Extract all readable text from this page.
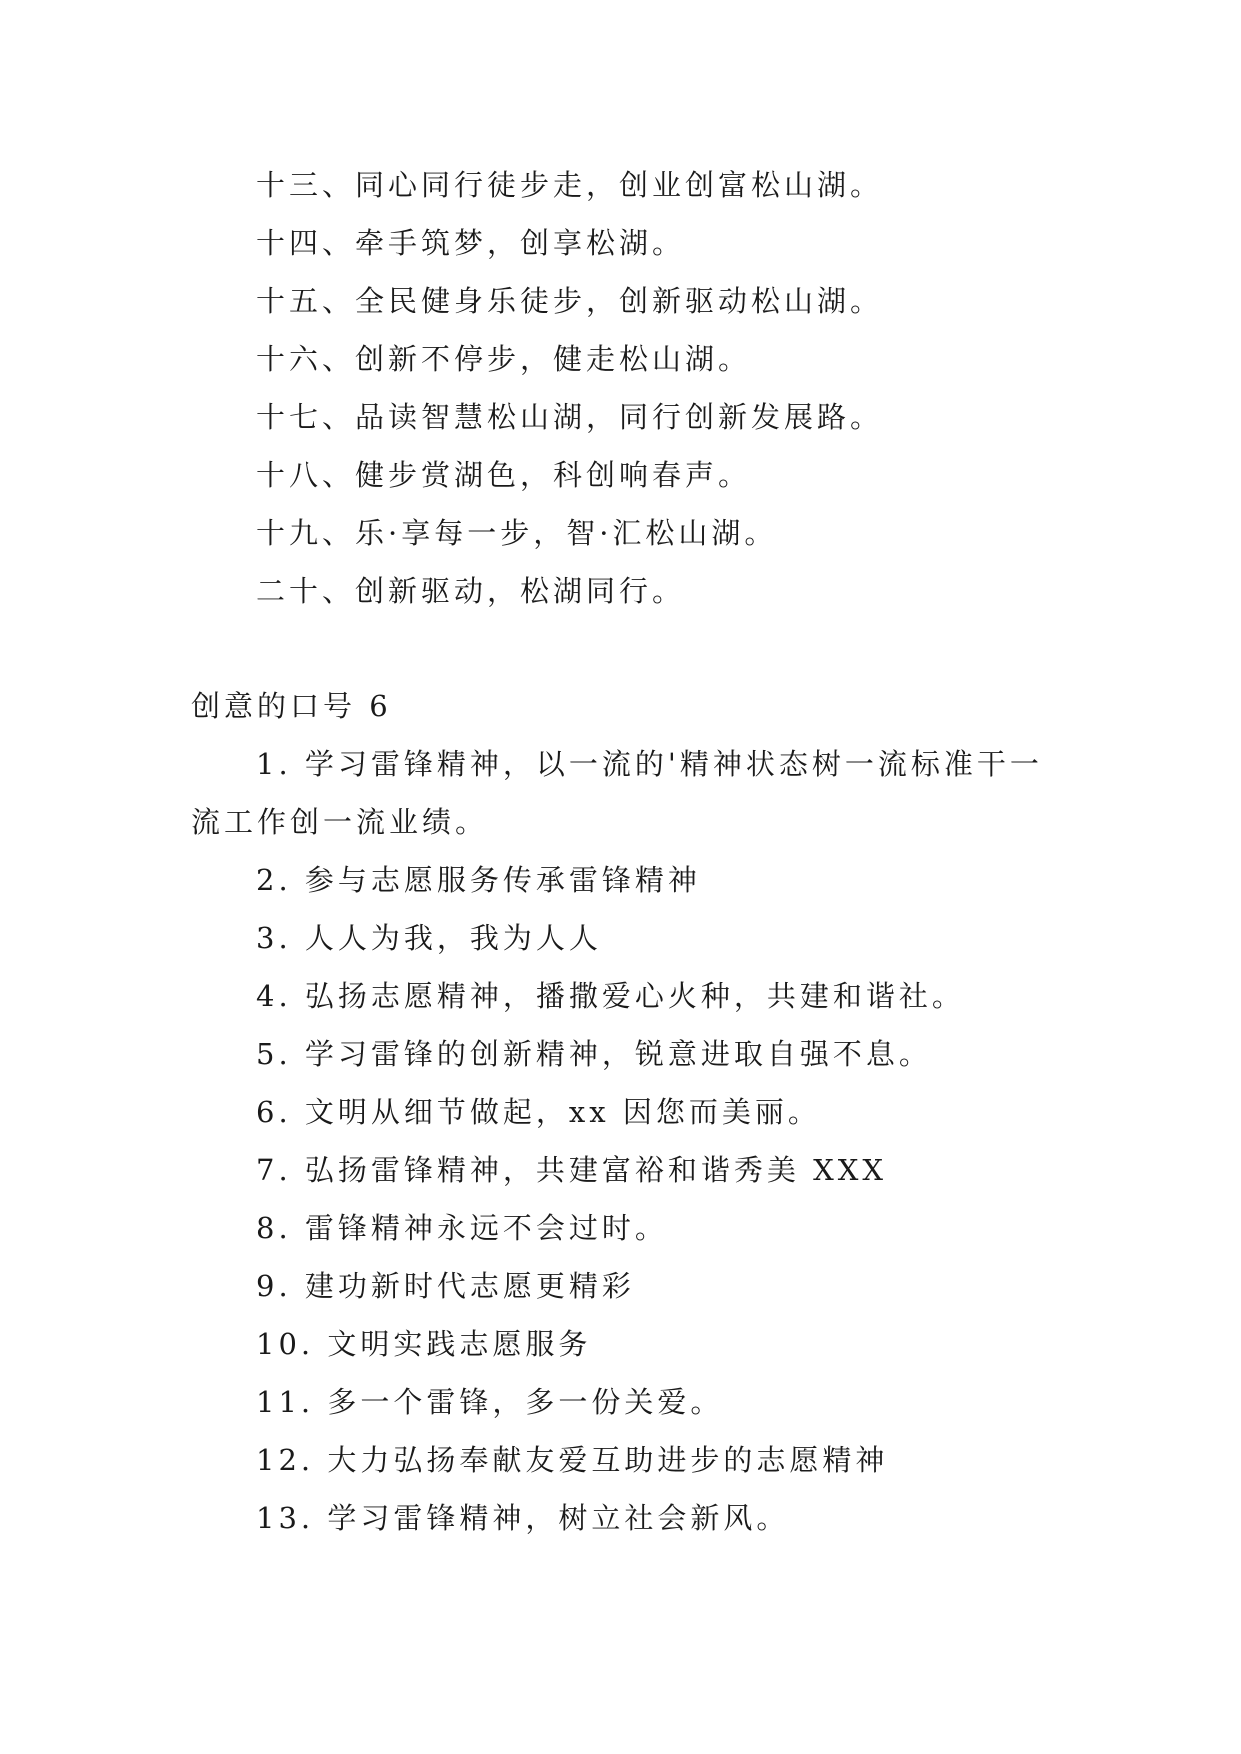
十三、同心同行徒步走，创业创富松山湖。
十四、牵手筑梦，创享松湖。
十五、全民健身乐徒步，创新驱动松山湖。
十六、创新不停步，健走松山湖。
十七、品读智慧松山湖，同行创新发展路。
十八、健步赏湖色，科创响春声。
十九、乐·享每一步，智·汇松山湖。
二十、创新驱动，松湖同行。
创意的口号 6
1. 学习雷锋精神，以一流的'精神状态树一流标准干一
流工作创一流业绩。
2. 参与志愿服务传承雷锋精神
3. 人人为我，我为人人
4. 弘扬志愿精神，播撒爱心火种，共建和谐社。
5. 学习雷锋的创新精神，锐意进取自强不息。
6. 文明从细节做起，xx 因您而美丽。
7. 弘扬雷锋精神，共建富裕和谐秀美 XXX
8. 雷锋精神永远不会过时。
9. 建功新时代志愿更精彩
10. 文明实践志愿服务
11. 多一个雷锋，多一份关爱。
12. 大力弘扬奉献友爱互助进步的志愿精神
13. 学习雷锋精神，树立社会新风。
